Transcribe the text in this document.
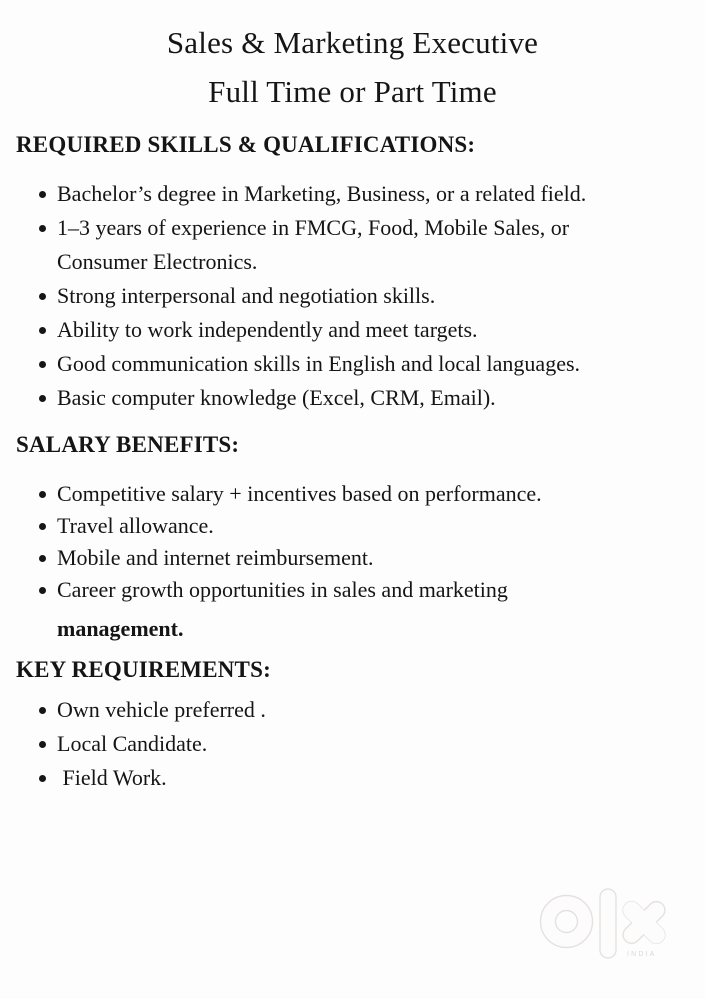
Sales & Marketing Executive
Full Time or Part Time
REQUIRED SKILLS & QUALIFICATIONS:
Bachelor’s degree in Marketing, Business, or a related field.
1–3 years of experience in FMCG, Food, Mobile Sales, or
Consumer Electronics.
Strong interpersonal and negotiation skills.
Ability to work independently and meet targets.
Good communication skills in English and local languages.
Basic computer knowledge (Excel, CRM, Email).
SALARY BENEFITS:
Competitive salary + incentives based on performance.
Travel allowance.
Mobile and internet reimbursement.
Career growth opportunities in sales and marketing
management.
KEY REQUIREMENTS:
Own vehicle preferred .
Local Candidate.
Field Work.
INDIA
